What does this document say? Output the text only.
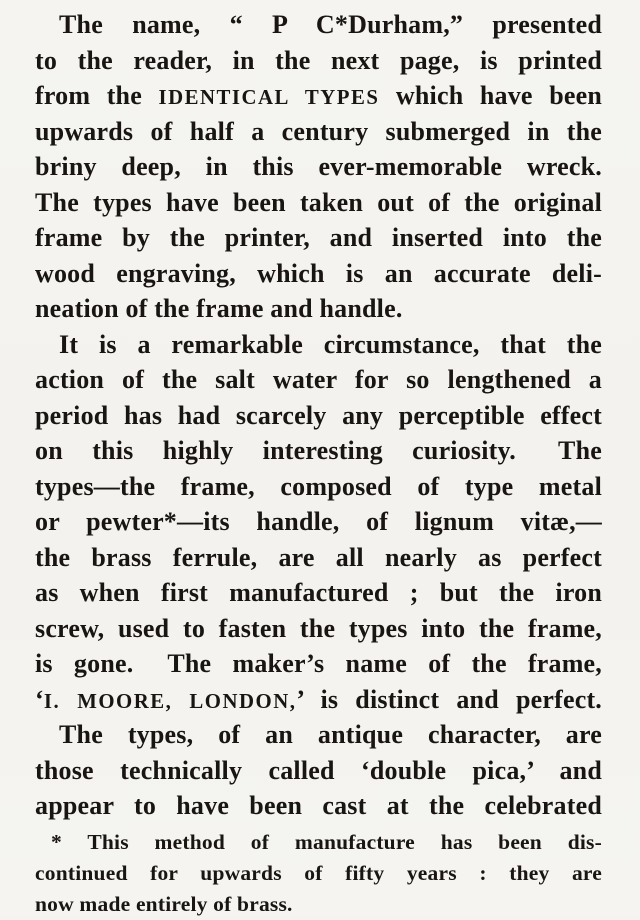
The name, “ P C*Durham,” presented
to the reader, in the next page, is printed
from the IDENTICAL TYPES which have been
upwards of half a century submerged in the
briny deep, in this ever-memorable wreck.
The types have been taken out of the original
frame by the printer, and inserted into the
wood engraving, which is an accurate deli-
neation of the frame and handle.
It is a remarkable circumstance, that the
action of the salt water for so lengthened a
period has had scarcely any perceptible effect
on this highly interesting curiosity.  The
types—the frame, composed of type metal
or pewter*—its handle, of lignum vitæ,—
the brass ferrule, are all nearly as perfect
as when first manufactured ; but the iron
screw, used to fasten the types into the frame,
is gone.  The maker’s name of the frame,
‘I. MOORE, LONDON,’ is distinct and perfect.
The types, of an antique character, are
those technically called ‘double pica,’ and
appear to have been cast at the celebrated
* This method of manufacture has been dis-
continued for upwards of fifty years : they are
now made entirely of brass.
